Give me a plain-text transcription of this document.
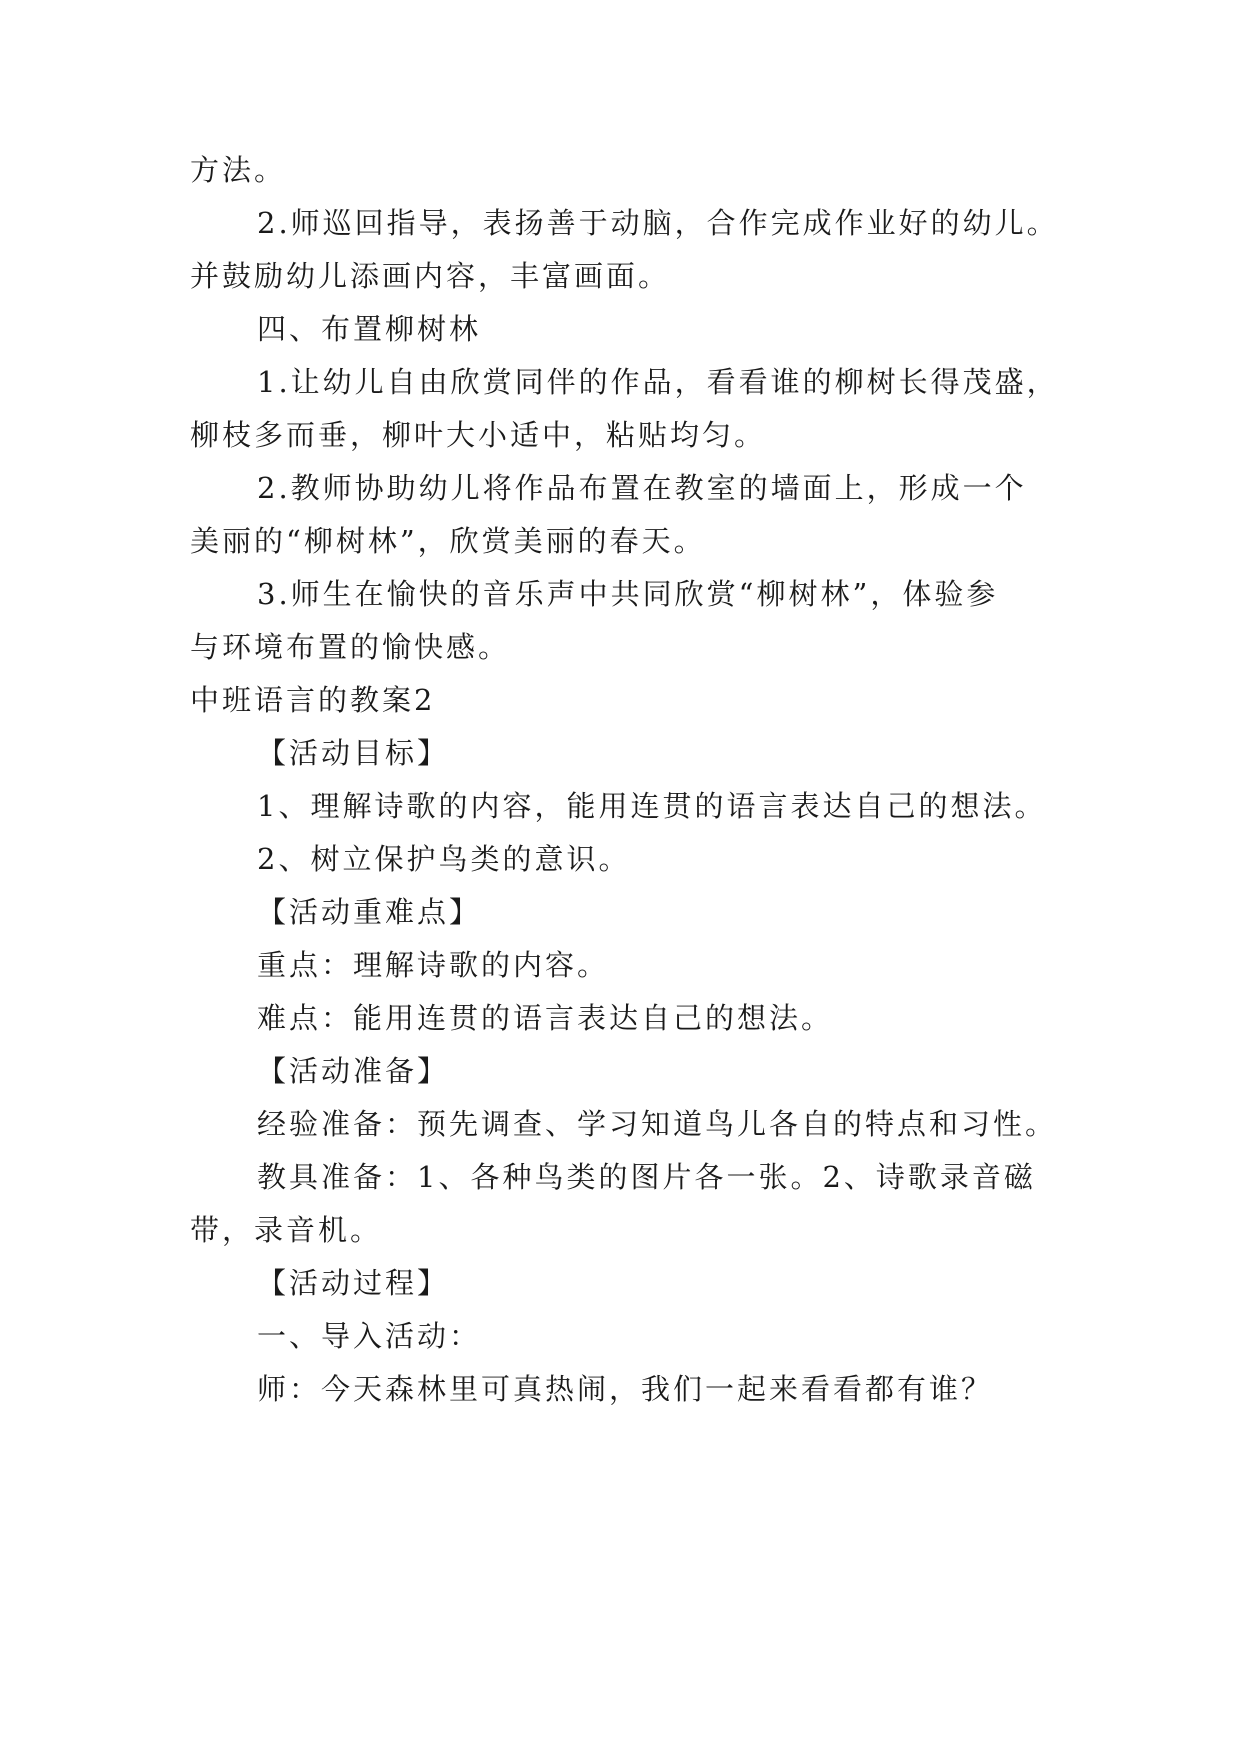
方法。
2.师巡回指导，表扬善于动脑，合作完成作业好的幼儿。
并鼓励幼儿添画内容，丰富画面。
四、布置柳树林
1.让幼儿自由欣赏同伴的作品，看看谁的柳树长得茂盛，
柳枝多而垂，柳叶大小适中，粘贴均匀。
2.教师协助幼儿将作品布置在教室的墙面上，形成一个
美丽的“柳树林”，欣赏美丽的春天。
3.师生在愉快的音乐声中共同欣赏“柳树林”，体验参
与环境布置的愉快感。
中班语言的教案2
【活动目标】
1、理解诗歌的内容，能用连贯的语言表达自己的想法。
2、树立保护鸟类的意识。
【活动重难点】
重点：理解诗歌的内容。
难点：能用连贯的语言表达自己的想法。
【活动准备】
经验准备：预先调查、学习知道鸟儿各自的特点和习性。
教具准备：1、各种鸟类的图片各一张。2、诗歌录音磁
带，录音机。
【活动过程】
一、导入活动：
师：今天森林里可真热闹，我们一起来看看都有谁？
